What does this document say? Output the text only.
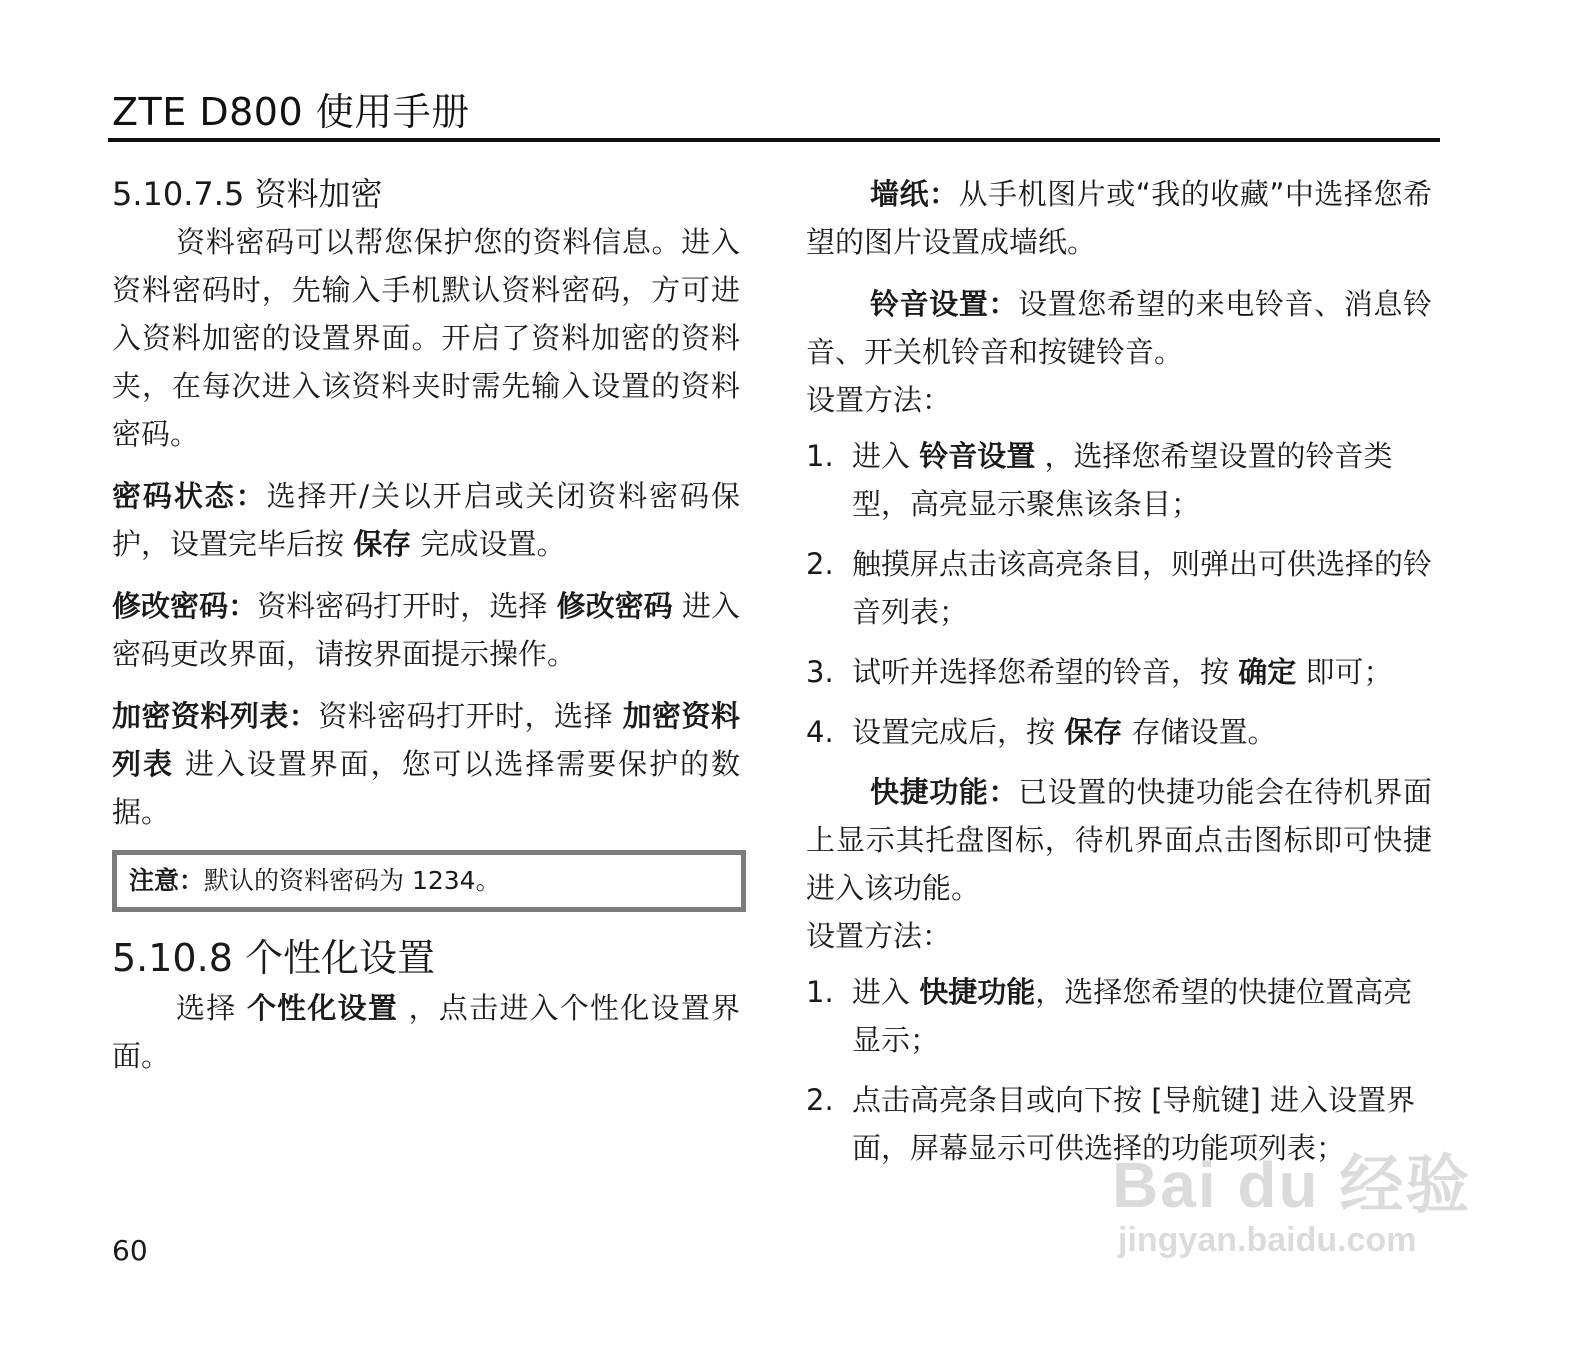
ZTE D800 使用手册

5.10.7.5 资料加密

资料密码可以帮您保护您的资料信息。进入资料密码时，先输入手机默认资料密码，方可进入资料加密的设置界面。开启了资料加密的资料夹，在每次进入该资料夹时需先输入设置的资料密码。

密码状态：选择开/关以开启或关闭资料密码保护，设置完毕后按 保存 完成设置。

修改密码：资料密码打开时，选择 修改密码 进入密码更改界面，请按界面提示操作。

加密资料列表：资料密码打开时，选择 加密资料列表 进入设置界面，您可以选择需要保护的数据。

注意：默认的资料密码为 1234。

5.10.8 个性化设置

选择 个性化设置 ，点击进入个性化设置界面。

墙纸：从手机图片或“我的收藏”中选择您希望的图片设置成墙纸。

铃音设置：设置您希望的来电铃音、消息铃音、开关机铃音和按键铃音。

设置方法：

1. 进入 铃音设置 ，选择您希望设置的铃音类型，高亮显示聚焦该条目；
2. 触摸屏点击该高亮条目，则弹出可供选择的铃音列表；
3. 试听并选择您希望的铃音，按 确定 即可；
4. 设置完成后，按 保存 存储设置。

快捷功能：已设置的快捷功能会在待机界面上显示其托盘图标，待机界面点击图标即可快捷进入该功能。

设置方法：

1. 进入 快捷功能，选择您希望的快捷位置高亮显示；
2. 点击高亮条目或向下按 [导航键] 进入设置界面，屏幕显示可供选择的功能项列表；
60
Bai du 经验
jingyan.baidu.com
